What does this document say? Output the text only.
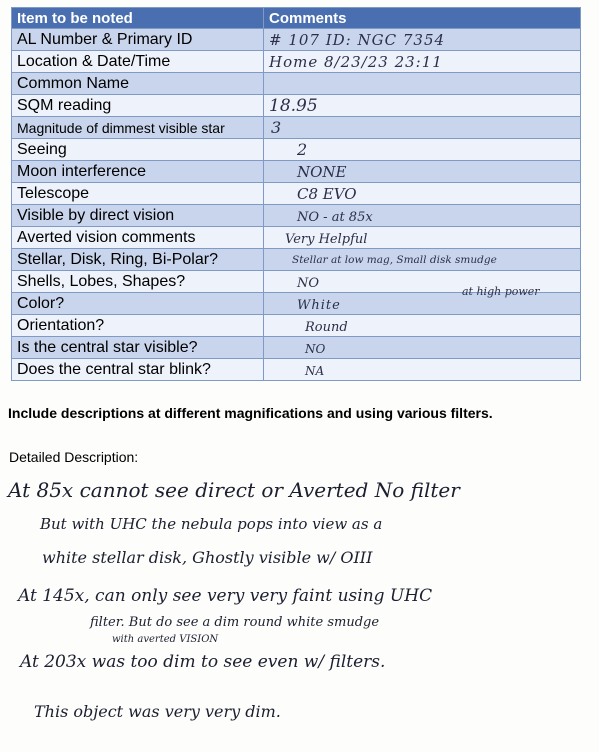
Item to be noted	Comments
AL Number & Primary ID	# 107 ID: NGC 7354
Location & Date/Time	Home 8/23/23 23:11
Common Name	
SQM reading	18.95
Magnitude of dimmest visible star	3
Seeing	2
Moon interference	NONE
Telescope	C8 EVO
Visible by direct vision	NO - at 85x
Averted vision comments	Very Helpful
Stellar, Disk, Ring, Bi-Polar?	Stellar at low mag, Small disk smudge
Shells, Lobes, Shapes?	NO
Color?	White
Orientation?	Round
Is the central star visible?	NO
Does the central star blink?	NA
at high power
Include descriptions at different magnifications and using various filters.
Detailed Description:
At 85x cannot see direct or Averted No filter
But with UHC the nebula pops into view as a
white stellar disk, Ghostly visible w/ OIII
At 145x, can only see very very faint using UHC
filter. But do see a dim round white smudge
with averted VISION
At 203x was too dim to see even w/ filters.
This object was very very dim.
